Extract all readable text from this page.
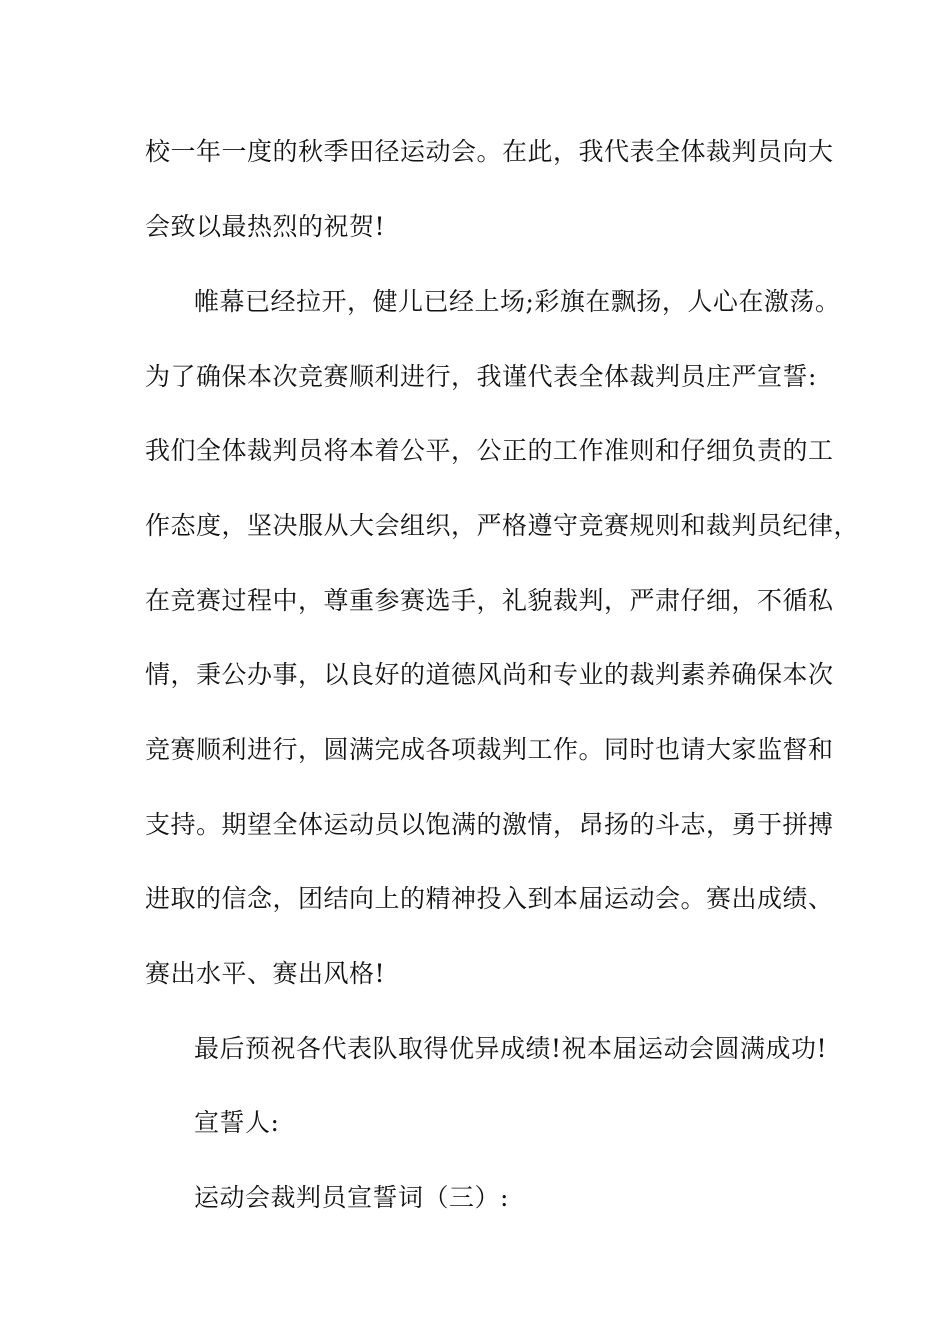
校一年一度的秋季田径运动会。在此，我代表全体裁判员向大
会致以最热烈的祝贺!
帷幕已经拉开，健儿已经上场;彩旗在飘扬，人心在激荡。
为了确保本次竞赛顺利进行，我谨代表全体裁判员庄严宣誓:
我们全体裁判员将本着公平，公正的工作准则和仔细负责的工
作态度，坚决服从大会组织，严格遵守竞赛规则和裁判员纪律，
在竞赛过程中，尊重参赛选手，礼貌裁判，严肃仔细，不循私
情，秉公办事，以良好的道德风尚和专业的裁判素养确保本次
竞赛顺利进行，圆满完成各项裁判工作。同时也请大家监督和
支持。期望全体运动员以饱满的激情，昂扬的斗志，勇于拼搏
进取的信念，团结向上的精神投入到本届运动会。赛出成绩、
赛出水平、赛出风格!
最后预祝各代表队取得优异成绩!祝本届运动会圆满成功!
宣誓人:
运动会裁判员宣誓词（三）:
